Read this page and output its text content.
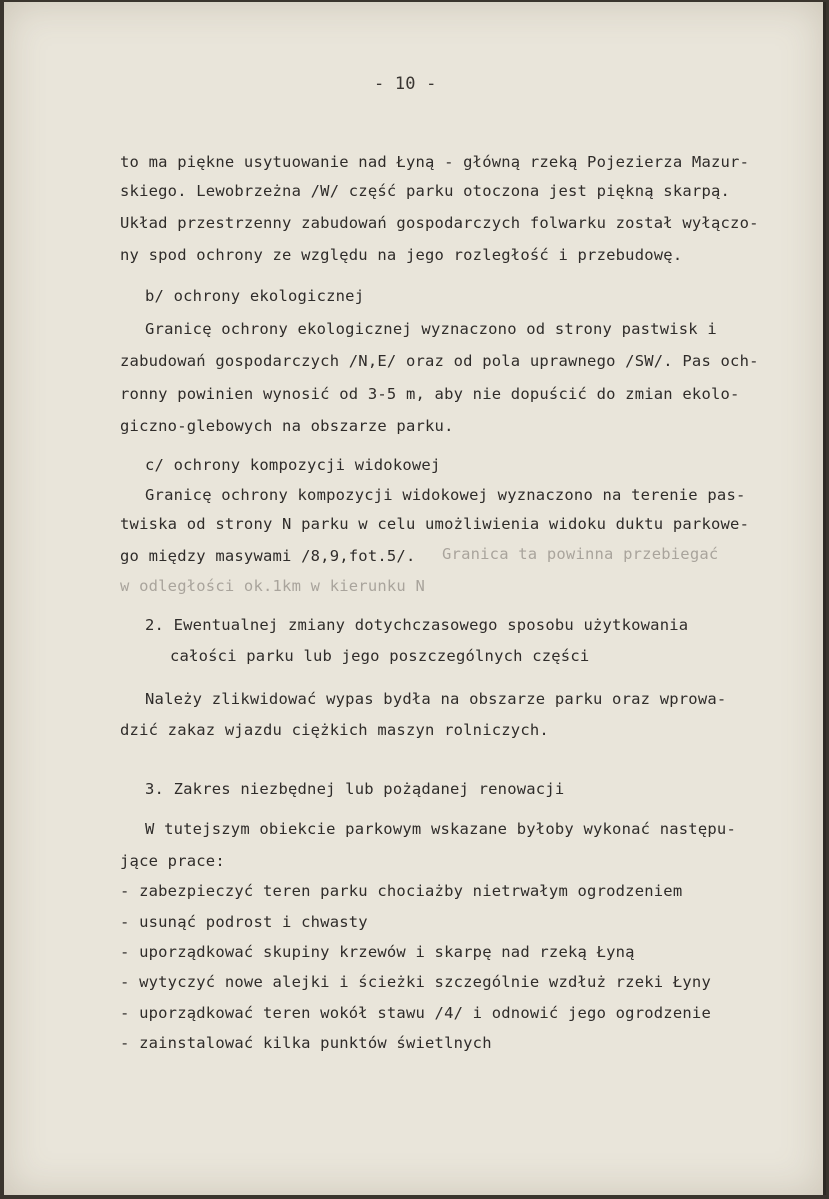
- 10 -
to ma piękne usytuowanie nad Łyną - główną rzeką Pojezierza Mazur-
skiego. Lewobrzeżna /W/ część parku otoczona jest piękną skarpą.
Układ przestrzenny zabudowań gospodarczych folwarku został wyłączo-
ny spod ochrony ze względu na jego rozległość i przebudowę.
b/ ochrony ekologicznej
Granicę ochrony ekologicznej wyznaczono od strony pastwisk i
zabudowań gospodarczych /N,E/ oraz od pola uprawnego /SW/. Pas och-
ronny powinien wynosić od 3-5 m, aby nie dopuścić do zmian ekolo-
giczno-glebowych na obszarze parku.
c/ ochrony kompozycji widokowej
Granicę ochrony kompozycji widokowej wyznaczono na terenie pas-
twiska od strony N parku w celu umożliwienia widoku duktu parkowe-
go między masywami /8,9,fot.5/. Granica ta powinna przebiegać
w odległości ok.1km w kierunku N
2. Ewentualnej zmiany dotychczasowego sposobu użytkowania
całości parku lub jego poszczególnych części
Należy zlikwidować wypas bydła na obszarze parku oraz wprowa-
dzić zakaz wjazdu ciężkich maszyn rolniczych.
3. Zakres niezbędnej lub pożądanej renowacji
W tutejszym obiekcie parkowym wskazane byłoby wykonać następu-
jące prace:
- zabezpieczyć teren parku chociażby nietrwałym ogrodzeniem
- usunąć podrost i chwasty
- uporządkować skupiny krzewów i skarpę nad rzeką Łyną
- wytyczyć nowe alejki i ścieżki szczególnie wzdłuż rzeki Łyny
- uporządkować teren wokół stawu /4/ i odnowić jego ogrodzenie
- zainstalować kilka punktów świetlnych
